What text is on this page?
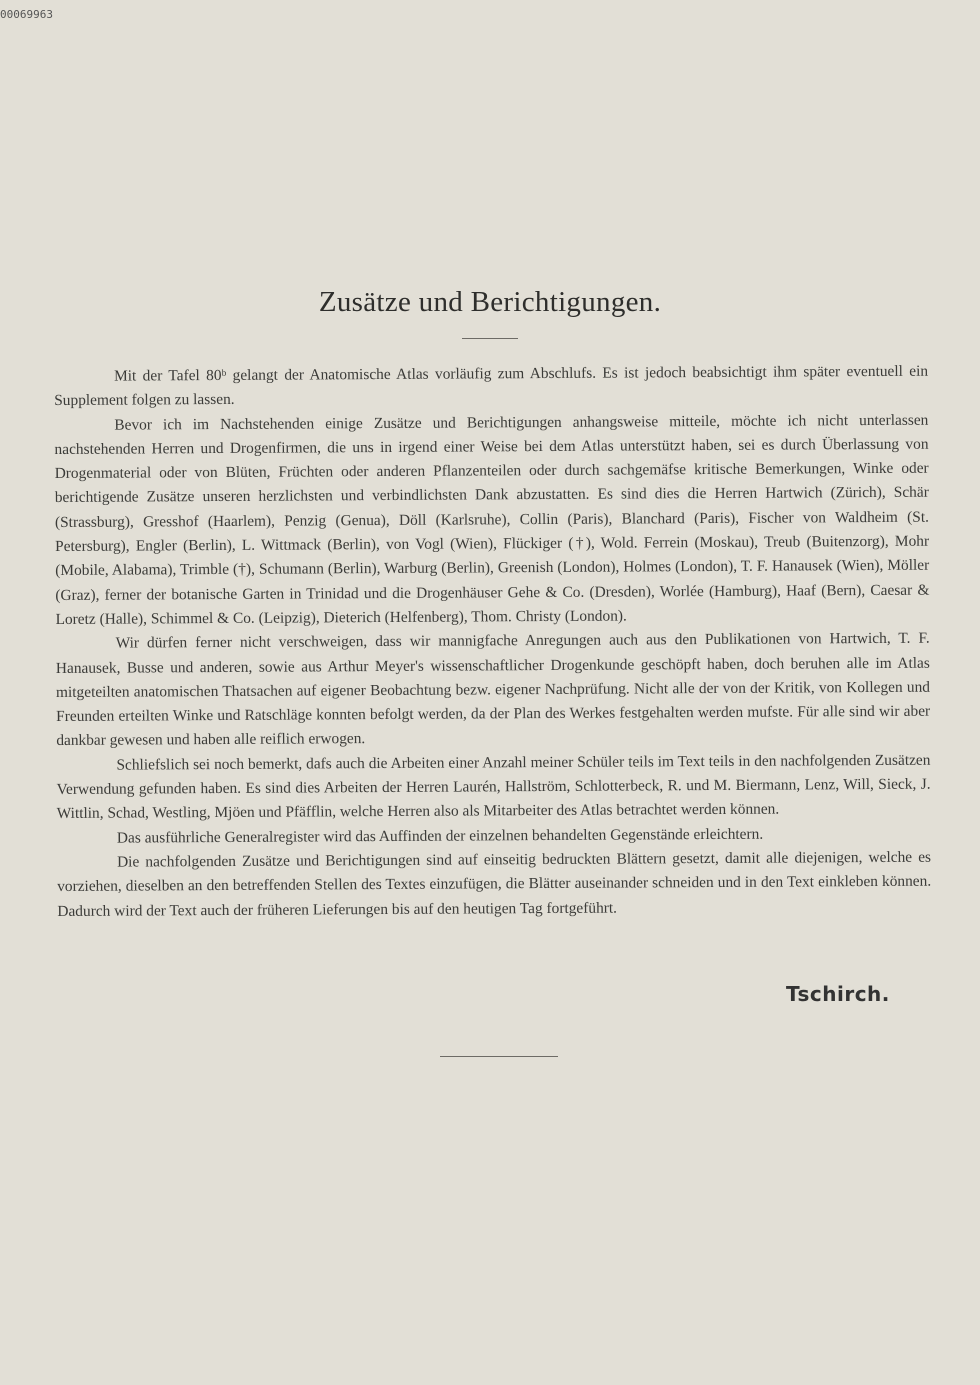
00069963
Zusätze und Berichtigungen.

Mit der Tafel 80ᵇ gelangt der Anatomische Atlas vorläufig zum Abschlufs. Es ist jedoch beabsichtigt ihm später eventuell ein Supplement folgen zu lassen.

Bevor ich im Nachstehenden einige Zusätze und Berichtigungen anhangsweise mitteile, möchte ich nicht unterlassen nachstehenden Herren und Drogenfirmen, die uns in irgend einer Weise bei dem Atlas unterstützt haben, sei es durch Überlassung von Drogenmaterial oder von Blüten, Früchten oder anderen Pflanzenteilen oder durch sachgemäfse kritische Bemerkungen, Winke oder berichtigende Zusätze unseren herzlichsten und verbindlichsten Dank abzustatten. Es sind dies die Herren Hartwich (Zürich), Schär (Strassburg), Gresshof (Haarlem), Penzig (Genua), Döll (Karlsruhe), Collin (Paris), Blanchard (Paris), Fischer von Waldheim (St. Petersburg), Engler (Berlin), L. Wittmack (Berlin), von Vogl (Wien), Flückiger (†), Wold. Ferrein (Moskau), Treub (Buitenzorg), Mohr (Mobile, Alabama), Trimble (†), Schumann (Berlin), Warburg (Berlin), Greenish (London), Holmes (London), T. F. Hanausek (Wien), Möller (Graz), ferner der botanische Garten in Trinidad und die Drogenhäuser Gehe & Co. (Dresden), Worlée (Hamburg), Haaf (Bern), Caesar & Loretz (Halle), Schimmel & Co. (Leipzig), Dieterich (Helfenberg), Thom. Christy (London).

Wir dürfen ferner nicht verschweigen, dass wir mannigfache Anregungen auch aus den Publikationen von Hartwich, T. F. Hanausek, Busse und anderen, sowie aus Arthur Meyer's wissenschaftlicher Drogenkunde geschöpft haben, doch beruhen alle im Atlas mitgeteilten anatomischen Thatsachen auf eigener Beobachtung bezw. eigener Nachprüfung. Nicht alle der von der Kritik, von Kollegen und Freunden erteilten Winke und Ratschläge konnten befolgt werden, da der Plan des Werkes festgehalten werden mufste. Für alle sind wir aber dankbar gewesen und haben alle reiflich erwogen.

Schliefslich sei noch bemerkt, dafs auch die Arbeiten einer Anzahl meiner Schüler teils im Text teils in den nachfolgenden Zusätzen Verwendung gefunden haben. Es sind dies Arbeiten der Herren Laurén, Hallström, Schlotterbeck, R. und M. Biermann, Lenz, Will, Sieck, J. Wittlin, Schad, Westling, Mjöen und Pfäfflin, welche Herren also als Mitarbeiter des Atlas betrachtet werden können.

Das ausführliche Generalregister wird das Auffinden der einzelnen behandelten Gegenstände erleichtern.

Die nachfolgenden Zusätze und Berichtigungen sind auf einseitig bedruckten Blättern gesetzt, damit alle diejenigen, welche es vorziehen, dieselben an den betreffenden Stellen des Textes einzufügen, die Blätter auseinander schneiden und in den Text einkleben können. Dadurch wird der Text auch der früheren Lieferungen bis auf den heutigen Tag fortgeführt.

Tschirch.
